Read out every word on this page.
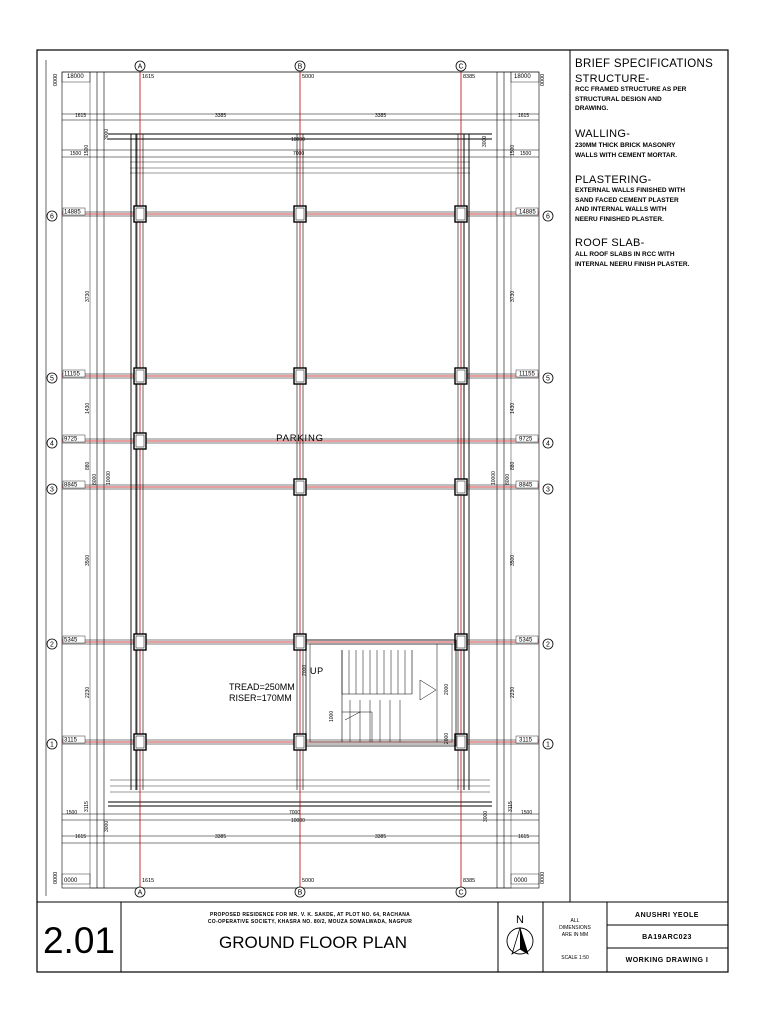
6	6
14885	14885
5	5
11155	11155
4	4
9725	9725
3	3
8845	8845
2	2
5345	5345
1	1
3115	3115
A
A
1615
1615
B
B
5000
5000
C
C
8385
8385
18000	18000
0000	0000
0000	0000
0000	0000
1615	3385	3385	1615
3000	10000	3000
1500	7000	1500
1500	1500
1500	7000	1500
3000	10000	3000
1615	3385	3385	1615
3115	3115
3730	3730
1430	1430
880	880
3500	3500
2230	2230
8000 10000	10000 8000
2000
1000
2000
2000
PARKING
UP
TREAD=250MM
RISER=170MM
N
2.01
PROPOSED RESIDENCE FOR MR. V. K. SAKDE, AT PLOT NO. 64, RACHANA
CO-OPERATIVE SOCIETY, KHASRA NO. 80/2, MOUZA SOMALWADA, NAGPUR
GROUND FLOOR PLAN
ALL
DIMENSIONS
ARE IN MM
SCALE 1:50
ANUSHRI YEOLE
BA19ARC023
WORKING DRAWING I
BRIEF SPECIFICATIONS
STRUCTURE-
RCC FRAMED STRUCTURE AS PER
STRUCTURAL DESIGN AND
DRAWING.
WALLING-
230MM THICK BRICK MASONRY
WALLS WITH CEMENT MORTAR.
PLASTERING-
EXTERNAL WALLS FINISHED WITH
SAND FACED CEMENT PLASTER
AND INTERNAL WALLS WITH
NEERU FINISHED PLASTER.
ROOF SLAB-
ALL ROOF SLABS IN RCC WITH
INTERNAL NEERU FINISH PLASTER.
